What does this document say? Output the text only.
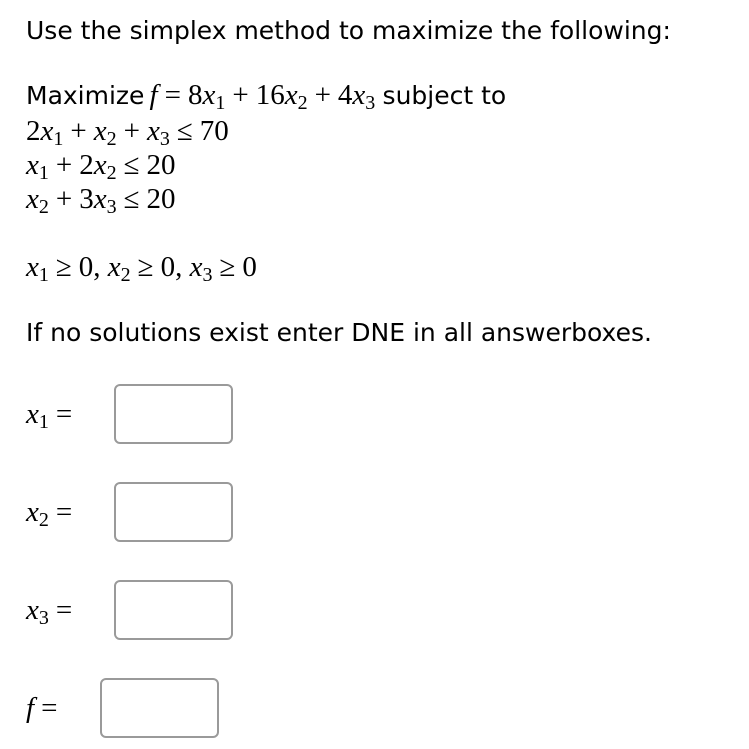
Use the simplex method to maximize the following:
Maximize f = 8x1 + 16x2 + 4x3 subject to
2x1 + x2 + x3 ≤ 70
x1 + 2x2 ≤ 20
x2 + 3x3 ≤ 20
x1 ≥ 0, x2 ≥ 0, x3 ≥ 0
If no solutions exist enter DNE in all answerboxes.
x1 =
x2 =
x3 =
f =
